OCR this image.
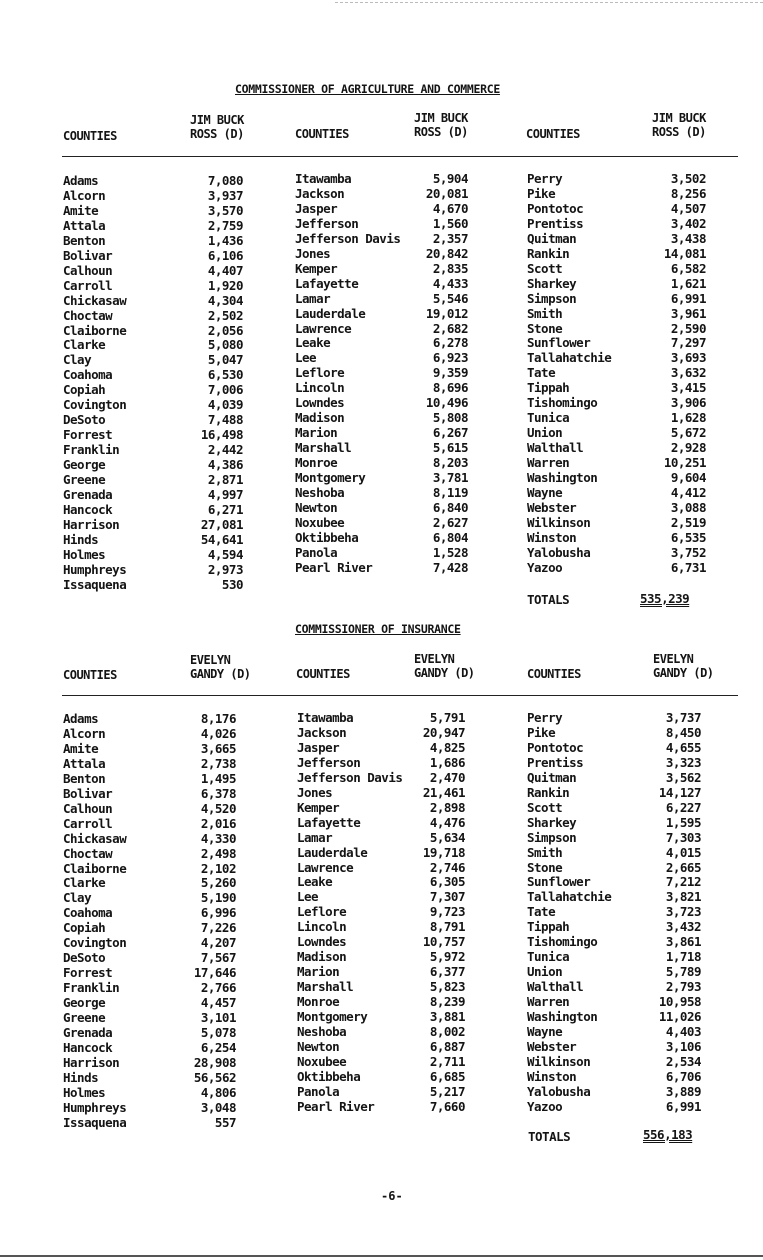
COMMISSIONER OF AGRICULTURE AND COMMERCE
COUNTIES
JIM BUCK
ROSS (D)	COUNTIES
JIM BUCK
ROSS (D)	COUNTIES
JIM BUCK
ROSS (D)
Adams	7,080
Alcorn	3,937
Amite	3,570
Attala	2,759
Benton	1,436
Bolivar	6,106
Calhoun	4,407
Carroll	1,920
Chickasaw	4,304
Choctaw	2,502
Claiborne	2,056
Clarke	5,080
Clay	5,047
Coahoma	6,530
Copiah	7,006
Covington	4,039
DeSoto	7,488
Forrest	16,498
Franklin	2,442
George	4,386
Greene	2,871
Grenada	4,997
Hancock	6,271
Harrison	27,081
Hinds	54,641
Holmes	4,594
Humphreys	2,973
Issaquena	530
Itawamba	5,904
Jackson	20,081
Jasper	4,670
Jefferson	1,560
Jefferson Davis	2,357
Jones	20,842
Kemper	2,835
Lafayette	4,433
Lamar	5,546
Lauderdale	19,012
Lawrence	2,682
Leake	6,278
Lee	6,923
Leflore	9,359
Lincoln	8,696
Lowndes	10,496
Madison	5,808
Marion	6,267
Marshall	5,615
Monroe	8,203
Montgomery	3,781
Neshoba	8,119
Newton	6,840
Noxubee	2,627
Oktibbeha	6,804
Panola	1,528
Pearl River	7,428
Perry	3,502
Pike	8,256
Pontotoc	4,507
Prentiss	3,402
Quitman	3,438
Rankin	14,081
Scott	6,582
Sharkey	1,621
Simpson	6,991
Smith	3,961
Stone	2,590
Sunflower	7,297
Tallahatchie	3,693
Tate	3,632
Tippah	3,415
Tishomingo	3,906
Tunica	1,628
Union	5,672
Walthall	2,928
Warren	10,251
Washington	9,604
Wayne	4,412
Webster	3,088
Wilkinson	2,519
Winston	6,535
Yalobusha	3,752
Yazoo	6,731
TOTALS	535,239
COMMISSIONER OF INSURANCE
COUNTIES
EVELYN
GANDY (D)	COUNTIES
EVELYN
GANDY (D)	COUNTIES
EVELYN
GANDY (D)
Adams	8,176
Alcorn	4,026
Amite	3,665
Attala	2,738
Benton	1,495
Bolivar	6,378
Calhoun	4,520
Carroll	2,016
Chickasaw	4,330
Choctaw	2,498
Claiborne	2,102
Clarke	5,260
Clay	5,190
Coahoma	6,996
Copiah	7,226
Covington	4,207
DeSoto	7,567
Forrest	17,646
Franklin	2,766
George	4,457
Greene	3,101
Grenada	5,078
Hancock	6,254
Harrison	28,908
Hinds	56,562
Holmes	4,806
Humphreys	3,048
Issaquena	557
Itawamba	5,791
Jackson	20,947
Jasper	4,825
Jefferson	1,686
Jefferson Davis 2,470
Jones	21,461
Kemper	2,898
Lafayette	4,476
Lamar	5,634
Lauderdale	19,718
Lawrence	2,746
Leake	6,305
Lee	7,307
Leflore	9,723
Lincoln	8,791
Lowndes	10,757
Madison	5,972
Marion	6,377
Marshall	5,823
Monroe	8,239
Montgomery	3,881
Neshoba	8,002
Newton	6,887
Noxubee	2,711
Oktibbeha	6,685
Panola	5,217
Pearl River	7,660
Perry	3,737
Pike	8,450
Pontotoc	4,655
Prentiss	3,323
Quitman	3,562
Rankin	14,127
Scott	6,227
Sharkey	1,595
Simpson	7,303
Smith	4,015
Stone	2,665
Sunflower	7,212
Tallahatchie	3,821
Tate	3,723
Tippah	3,432
Tishomingo	3,861
Tunica	1,718
Union	5,789
Walthall	2,793
Warren	10,958
Washington	11,026
Wayne	4,403
Webster	3,106
Wilkinson	2,534
Winston	6,706
Yalobusha	3,889
Yazoo	6,991
TOTALS	556,183
-6-
